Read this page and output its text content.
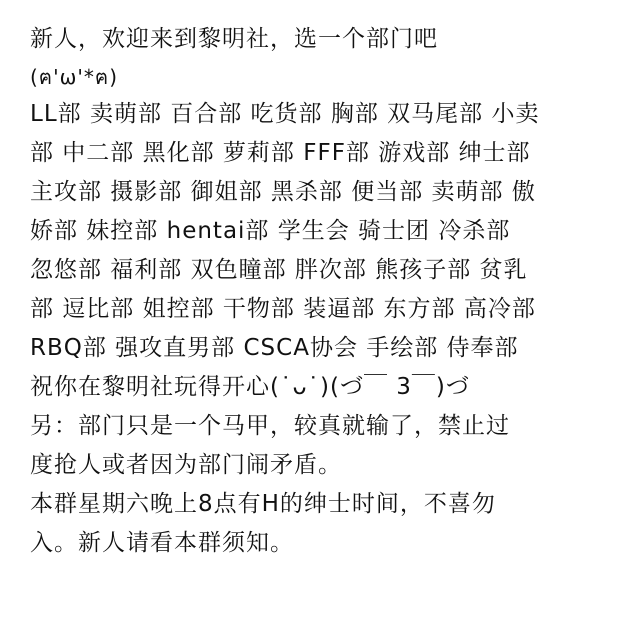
新人，欢迎来到黎明社，选一个部门吧
(ฅ'ω'*ฅ)
LL部 卖萌部 百合部 吃货部 胸部 双马尾部 小卖
部 中二部 黑化部 萝莉部 FFF部 游戏部 绅士部
主攻部 摄影部 御姐部 黑杀部 便当部 卖萌部 傲
娇部 妹控部 hentai部 学生会 骑士团 冷杀部
忽悠部 福利部 双色瞳部 胖次部 熊孩子部 贫乳
部 逗比部 姐控部 干物部 装逼部 东方部 高冷部
RBQ部 强攻直男部 CSCA协会 手绘部 侍奉部
祝你在黎明社玩得开心(˙ᴗ˙)(づ￣ 3￣)づ
另：部门只是一个马甲，较真就输了，禁止过
度抢人或者因为部门闹矛盾。
本群星期六晚上8点有H的绅士时间，不喜勿
入。新人请看本群须知。
